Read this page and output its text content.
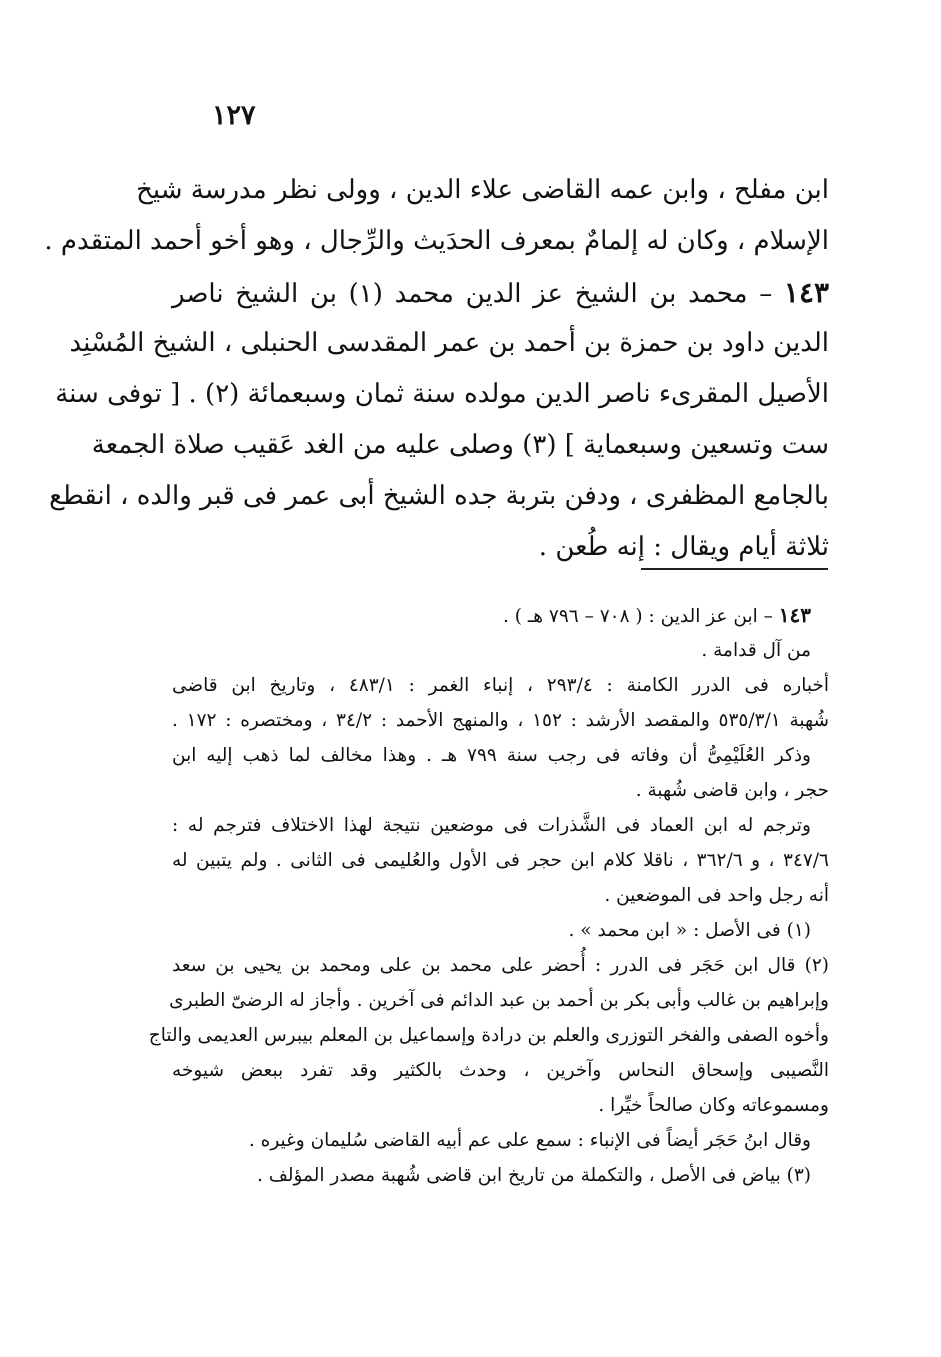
١٢٧
ابن مفلح ، وابن عمه القاضى علاء الدين ، وولى نظر مدرسة شيخ
الإسلام ، وكان له إلمامٌ بمعرف الحدَيث والرِّجال ، وهو أخو أحمد المتقدم .
١٤٣ – محمد بن الشيخ عز الدين محمد (١) بن الشيخ ناصر
الدين داود بن حمزة بن أحمد بن عمر المقدسى الحنبلى ، الشيخ المُسْنِد
الأصيل المقرىء ناصر الدين مولده سنة ثمان وسبعمائة (٢) . [ توفى سنة
ست وتسعين وسبعماية ] (٣) وصلى عليه من الغد عَقيب صلاة الجمعة
بالجامع المظفرى ، ودفن بتربة جده الشيخ أبى عمر فى قبر والده ، انقطع
ثلاثة أيام ويقال : إنه طُعن .
١٤٣ – ابن عز الدين : ( ٧٠٨ – ٧٩٦ هـ ) .
من آل قدامة .
أخباره فى الدرر الكامنة : ٢٩٣/٤ ، إنباء الغمر : ٤٨٣/١ ، وتاريخ ابن قاضى
شُهبة ٥٣٥/٣/١ والمقصد الأرشد : ١٥٢ ، والمنهج الأحمد : ٣٤/٢ ، ومختصره : ١٧٢ .
وذكر العُلَيْمِىُّ أن وفاته فى رجب سنة ٧٩٩ هـ . وهذا مخالف لما ذهب إليه ابن
حجر ، وابن قاضى شُهبة .
وترجم له ابن العماد فى الشَّذرات فى موضعين نتيجة لهذا الاختلاف فترجم له :
٣٤٧/٦ ، و ٣٦٢/٦ ، ناقلا كلام ابن حجر فى الأول والعُليمى فى الثانى . ولم يتبين له
أنه رجل واحد فى الموضعين .
(١) فى الأصل : « ابن محمد » .
(٢) قال ابن حَجَر فى الدرر : أُحضر على محمد بن على ومحمد بن يحيى بن سعد
وإبراهيم بن غالب وأبى بكر بن أحمد بن عبد الدائم فى آخرين . وأجاز له الرضىّ الطبرى
وأخوه الصفى والفخر التوزرى والعلم بن درادة وإسماعيل بن المعلم بيبرس العديمى والتاج
النَّصيبى وإسحاق النحاس وآخرين ، وحدث بالكثير وقد تفرد ببعض شيوخه
ومسموعاته وكان صالحاً خيِّرا .
وقال ابنُ حَجَر أيضاً فى الإنباء : سمع على عم أبيه القاضى سُليمان وغيره .
(٣) بياض فى الأصل ، والتكملة من تاريخ ابن قاضى شُهبة مصدر المؤلف .
